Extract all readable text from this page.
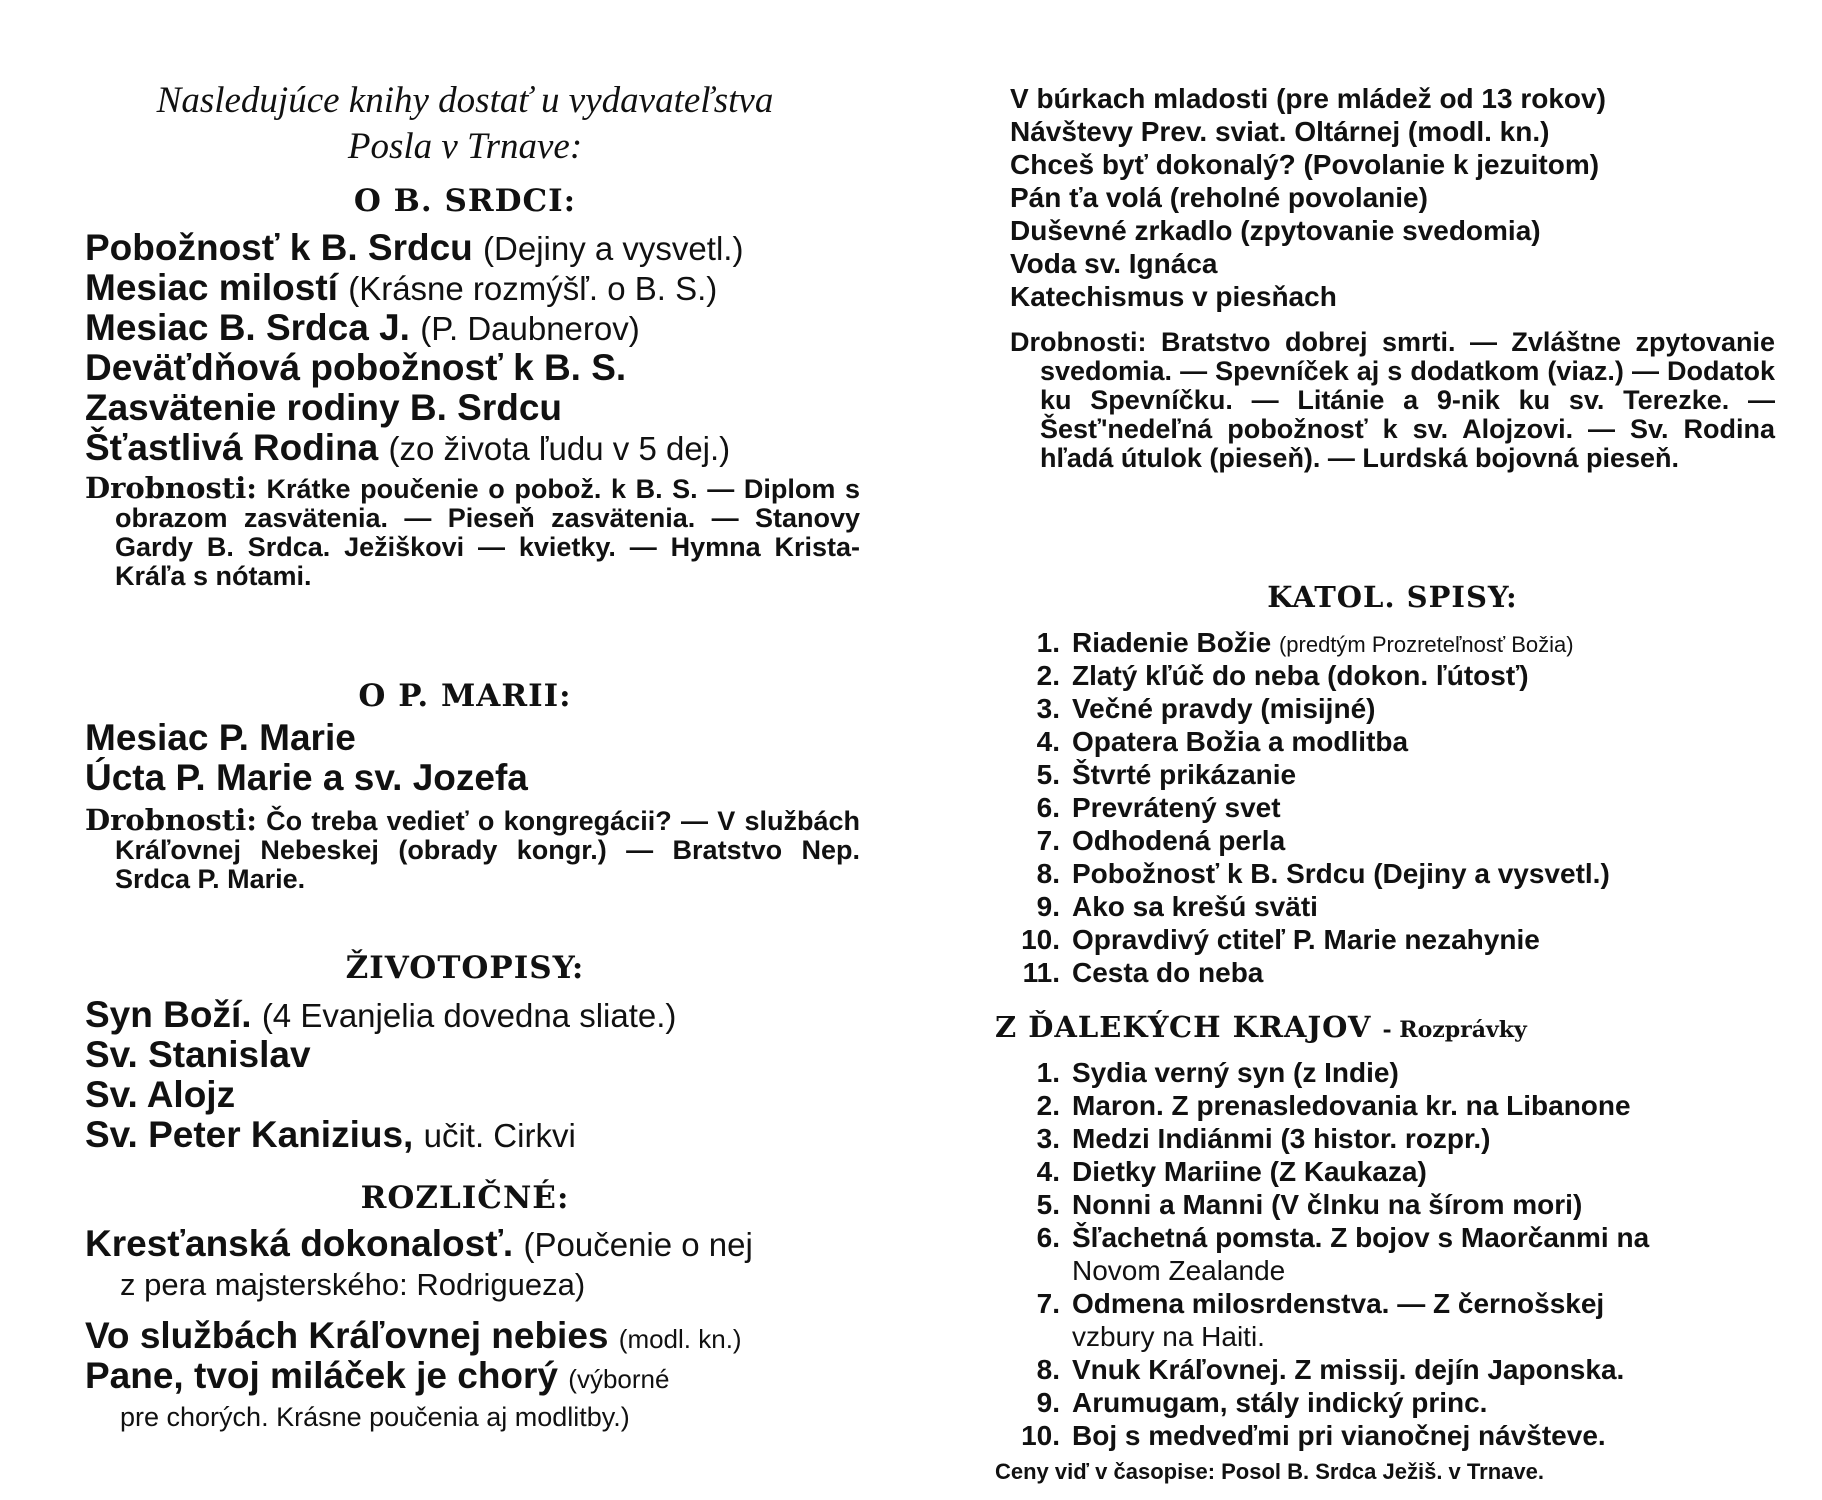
Nasledujúce knihy dostať u vydavateľstva
Posla v Trnave:
O B. SRDCI:
Pobožnosť k B. Srdcu (Dejiny a vysvetl.)
Mesiac milostí (Krásne rozmýšľ. o B. S.)
Mesiac B. Srdca J. (P. Daubnerov)
Deväťdňová pobožnosť k B. S.
Zasvätenie rodiny B. Srdcu
Šťastlivá Rodina (zo života ľudu v 5 dej.)
Drobnosti: Krátke poučenie o pobož. k B. S. — Diplom s obrazom zasvätenia. — Pieseň zasvätenia. — Stanovy Gardy B. Srdca. Ježiškovi — kvietky. — Hymna Krista-Kráľa s nótami.
O P. MARII:
Mesiac P. Marie
Úcta P. Marie a sv. Jozefa
Drobnosti: Čo treba vedieť o kongregácii? — V službách Kráľovnej Nebeskej (obrady kongr.) — Bratstvo Nep. Srdca P. Marie.
ŽIVOTOPISY:
Syn Boží. (4 Evanjelia dovedna sliate.)
Sv. Stanislav
Sv. Alojz
Sv. Peter Kanizius, učit. Cirkvi
ROZLIČNÉ:
Kresťanská dokonalosť. (Poučenie o nej
z pera majsterského: Rodrigueza)
Vo službách Kráľovnej nebies (modl. kn.)
Pane, tvoj miláček je chorý (výborné
pre chorých. Krásne poučenia aj modlitby.)
V búrkach mladosti (pre mládež od 13 rokov)
Návštevy Prev. sviat. Oltárnej (modl. kn.)
Chceš byť dokonalý? (Povolanie k jezuitom)
Pán ťa volá (reholné povolanie)
Duševné zrkadlo (zpytovanie svedomia)
Voda sv. Ignáca
Katechismus v piesňach
Drobnosti: Bratstvo dobrej smrti. — Zvláštne zpytovanie svedomia. — Spevníček aj s dodatkom (viaz.) — Dodatok ku Spevníčku. — Litánie a 9-nik ku sv. Terezke. — Šesť'nedeľná pobožnosť k sv. Alojzovi. — Sv. Rodina hľadá útulok (pieseň). — Lurdská bojovná pieseň.
KATOL. SPISY:
1. Riadenie Božie (predtým Prozreteľnosť Božia)
2. Zlatý kľúč do neba (dokon. ľútosť)
3. Večné pravdy (misijné)
4. Opatera Božia a modlitba
5. Štvrté prikázanie
6. Prevrátený svet
7. Odhodená perla
8. Pobožnosť k B. Srdcu (Dejiny a vysvetl.)
9. Ako sa krešú sväti
10. Opravdivý ctiteľ P. Marie nezahynie
11. Cesta do neba
Z ĎALEKÝCH KRAJOV - Rozprávky
1. Sydia verný syn (z Indie)
2. Maron. Z prenasledovania kr. na Libanone
3. Medzi Indiánmi (3 histor. rozpr.)
4. Dietky Mariine (Z Kaukaza)
5. Nonni a Manni (V člnku na šírom mori)
6. Šľachetná pomsta. Z bojov s Maorčanmi na
Novom Zealande
7. Odmena milosrdenstva. — Z černošskej
vzbury na Haiti.
8. Vnuk Kráľovnej. Z missij. dejín Japonska.
9. Arumugam, stály indický princ.
10. Boj s medveďmi pri vianočnej návšteve.
Ceny viď v časopise: Posol B. Srdca Ježiš. v Trnave.
